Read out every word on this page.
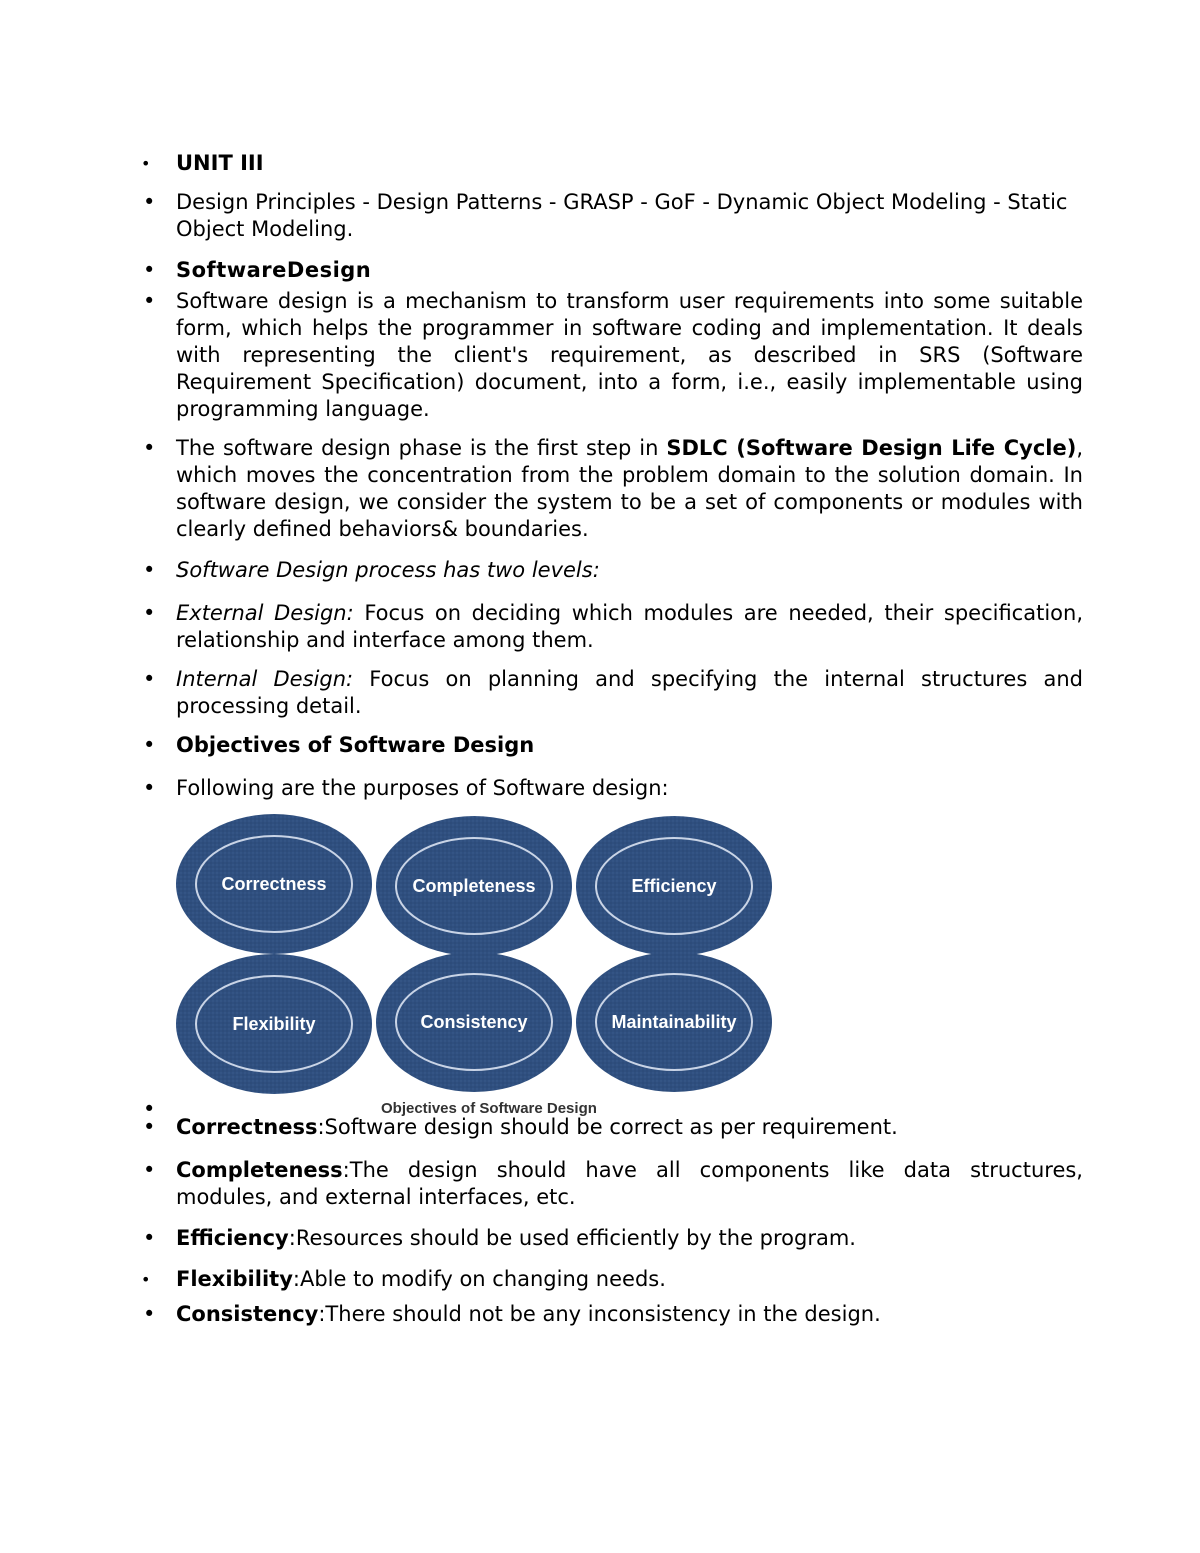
•	UNIT III
• Design Principles - Design Patterns - GRASP - GoF - Dynamic Object Modeling - Static Object Modeling.
• SoftwareDesign
• Software design is a mechanism to transform user requirements into some suitable form, which helps the programmer in software coding and implementation. It deals with representing the client's requirement, as described in SRS (Software Requirement Specification) document, into a form, i.e., easily implementable using programming language.
• The software design phase is the first step in SDLC (Software Design Life Cycle), which moves the concentration from the problem domain to the solution domain. In software design, we consider the system to be a set of components or modules with clearly defined behaviors& boundaries.
• Software Design process has two levels:
• External Design: Focus on deciding which modules are needed, their specification, relationship and interface among them.
• Internal Design: Focus on planning and specifying the internal structures and processing detail.
• Objectives of Software Design
• Following are the purposes of Software design:
Correctness	Completeness	Efficiency
Flexibility	Consistency	Maintainability
Objectives of Software Design
•
• Correctness:Software design should be correct as per requirement.
• Completeness:The design should have all components like data structures, modules, and external interfaces, etc.
• Efficiency:Resources should be used efficiently by the program.
•	Flexibility:Able to modify on changing needs.
• Consistency:There should not be any inconsistency in the design.
